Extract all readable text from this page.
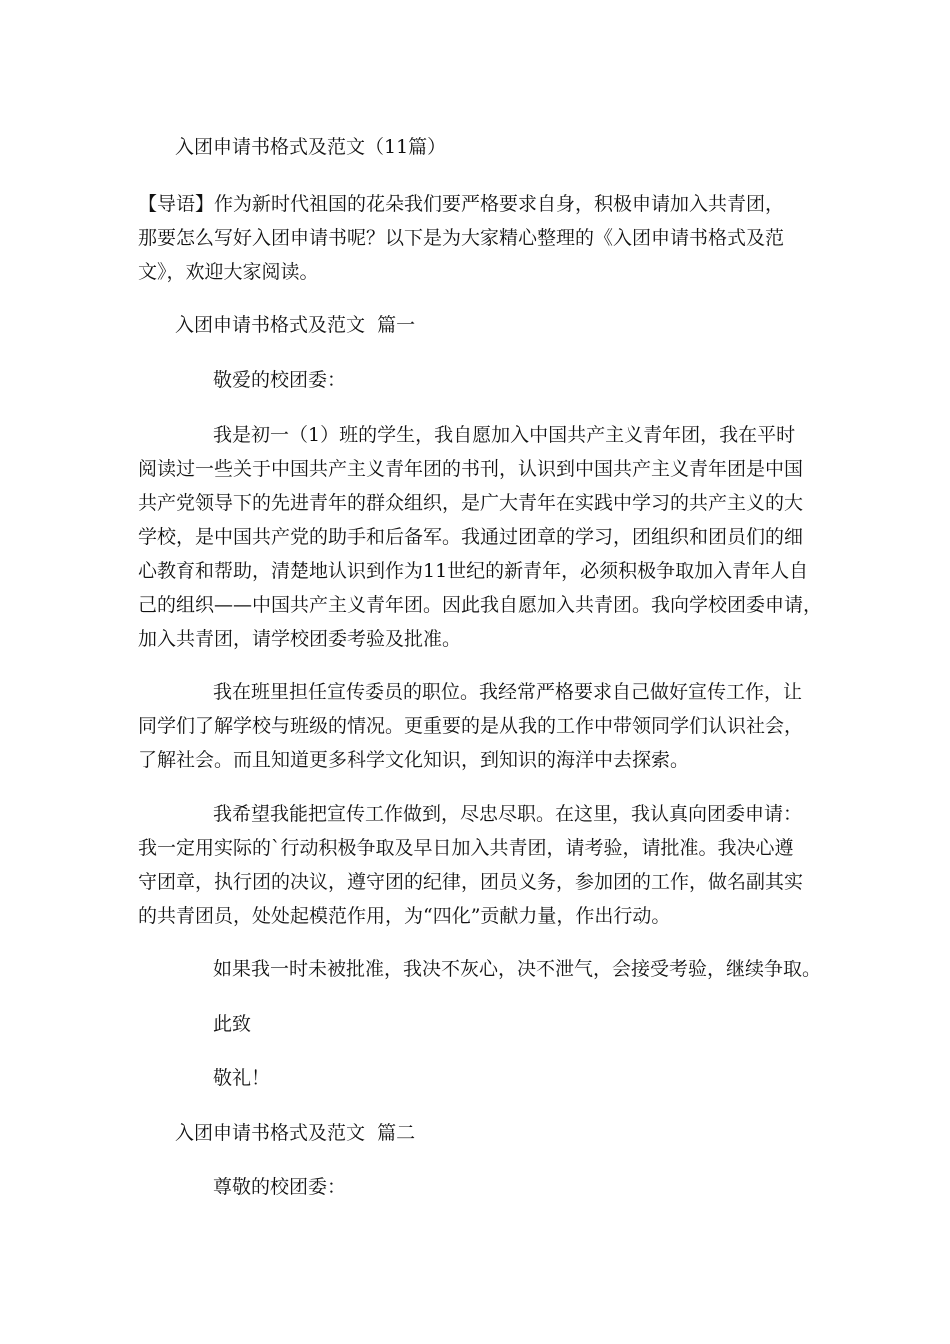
入团申请书格式及范文（11篇）
【导语】作为新时代祖国的花朵我们要严格要求自身，积极申请加入共青团，
那要怎么写好入团申请书呢？以下是为大家精心整理的《入团申请书格式及范
文》，欢迎大家阅读。
入团申请书格式及范文  篇一
敬爱的校团委：
我是初一（1）班的学生，我自愿加入中国共产主义青年团，我在平时
阅读过一些关于中国共产主义青年团的书刊，认识到中国共产主义青年团是中国
共产党领导下的先进青年的群众组织，是广大青年在实践中学习的共产主义的大
学校，是中国共产党的助手和后备军。我通过团章的学习，团组织和团员们的细
心教育和帮助，清楚地认识到作为11世纪的新青年，必须积极争取加入青年人自
己的组织——中国共产主义青年团。因此我自愿加入共青团。我向学校团委申请，
加入共青团，请学校团委考验及批准。
我在班里担任宣传委员的职位。我经常严格要求自己做好宣传工作，让
同学们了解学校与班级的情况。更重要的是从我的工作中带领同学们认识社会，
了解社会。而且知道更多科学文化知识，到知识的海洋中去探索。
我希望我能把宣传工作做到，尽忠尽职。在这里，我认真向团委申请：
我一定用实际的`行动积极争取及早日加入共青团，请考验，请批准。我决心遵
守团章，执行团的决议，遵守团的纪律，团员义务，参加团的工作，做名副其实
的共青团员，处处起模范作用，为“四化”贡献力量，作出行动。
如果我一时未被批准，我决不灰心，决不泄气，会接受考验，继续争取。
此致
敬礼！
入团申请书格式及范文  篇二
尊敬的校团委：
